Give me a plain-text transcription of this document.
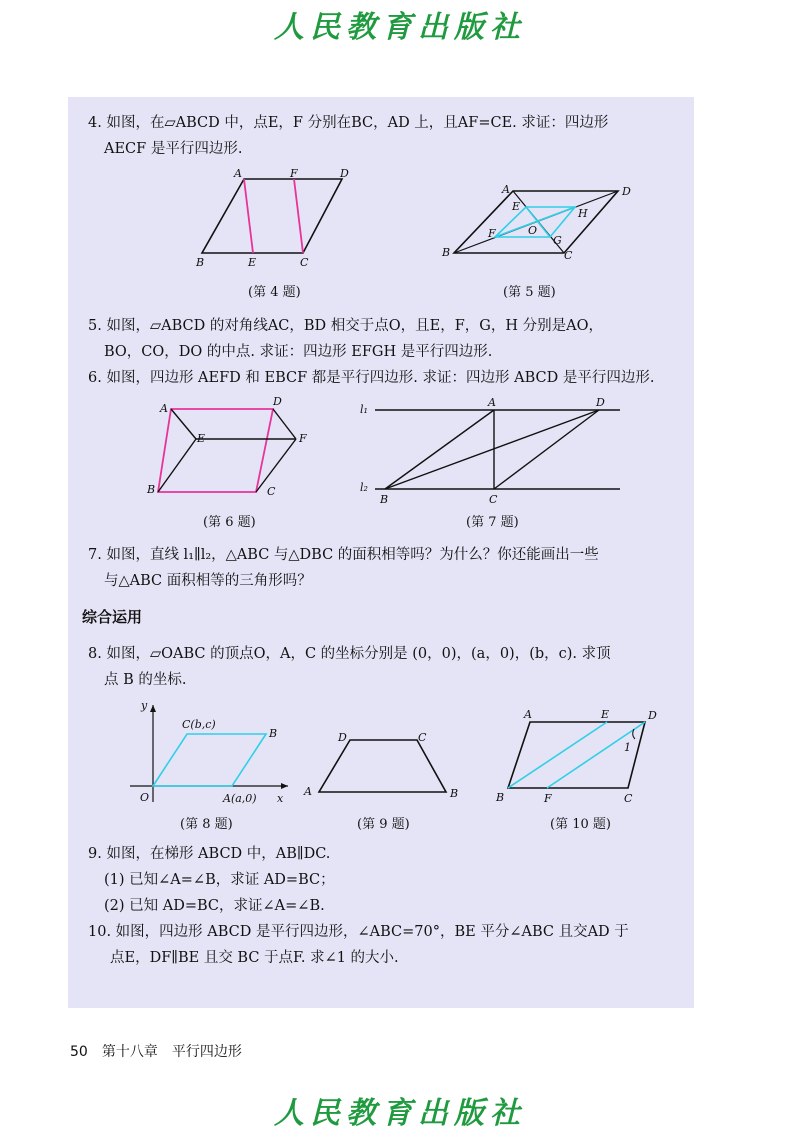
人民教育出版社
4. 如图，在▱ABCD 中，点E，F 分别在BC，AD 上，且AF=CE. 求证：四边形
AECF 是平行四边形.
A	F	D
B	E	C
(第 4 题)
A	D
E
H
F	O
G
B	C
(第 5 题)
5. 如图，▱ABCD 的对角线AC，BD 相交于点O，且E，F，G，H 分别是AO，
BO，CO，DO 的中点. 求证：四边形 EFGH 是平行四边形.
6. 如图，四边形 AEFD 和 EBCF 都是平行四边形. 求证：四边形 ABCD 是平行四边形.
A
D
E	F
B	C
(第 6 题)
l₁
A	D
l₂
B	C
(第 7 题)
7. 如图，直线 l₁∥l₂，△ABC 与△DBC 的面积相等吗？为什么？你还能画出一些
与△ABC 面积相等的三角形吗？
综合运用
8. 如图，▱OABC 的顶点O，A，C 的坐标分别是 (0，0)，(a，0)，(b，c). 求顶
点 B 的坐标.
y
C(b,c)
B
O	A(a,0) x
(第 8 题)
D	C
A	B
(第 9 题)
A	E	D
1
B	F	C
(第 10 题)
9. 如图，在梯形 ABCD 中，AB∥DC.
(1) 已知∠A=∠B，求证 AD=BC；
(2) 已知 AD=BC，求证∠A=∠B.
10. 如图，四边形 ABCD 是平行四边形，∠ABC=70°，BE 平分∠ABC 且交AD 于
点E，DF∥BE 且交 BC 于点F. 求∠1 的大小.
50 第十八章 平行四边形
人民教育出版社
